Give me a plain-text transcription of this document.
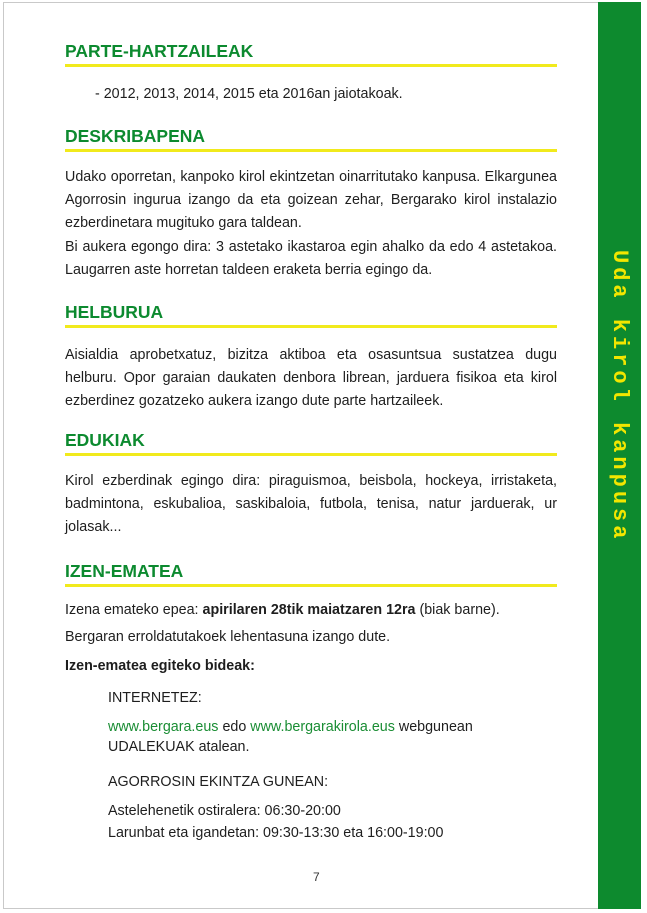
Uda kirol kanpusa
PARTE-HARTZAILEAK
- 2012, 2013, 2014, 2015 eta 2016an jaiotakoak.
DESKRIBAPENA
Udako oporretan, kanpoko kirol ekintzetan oinarritutako kanpusa. Elkargunea Agorrosin ingurua izango da eta goizean zehar, Bergarako kirol instalazio ezberdinetara mugituko gara taldean.
Bi aukera egongo dira: 3 astetako ikastaroa egin ahalko da edo 4 astetakoa. Laugarren aste horretan taldeen eraketa berria egingo da.
HELBURUA
Aisialdia aprobetxatuz, bizitza aktiboa eta osasuntsua sustatzea dugu helburu. Opor garaian daukaten denbora librean, jarduera fisikoa eta kirol ezberdinez gozatzeko aukera izango dute parte hartzaileek.
EDUKIAK
Kirol ezberdinak egingo dira: piraguismoa, beisbola, hockeya, irristaketa, badmintona, eskubalioa, saskibaloia, futbola, tenisa, natur jarduerak, ur jolasak...
IZEN-EMATEA
Izena emateko epea: apirilaren 28tik maiatzaren 12ra (biak barne).
Bergaran erroldatutakoek lehentasuna izango dute.
Izen-ematea egiteko bideak:
INTERNETEZ:
www.bergara.eus edo www.bergarakirola.eus webgunean
UDALEKUAK atalean.
AGORROSIN EKINTZA GUNEAN:
Astelehenetik ostiralera: 06:30-20:00
Larunbat eta igandetan: 09:30-13:30 eta 16:00-19:00
7
